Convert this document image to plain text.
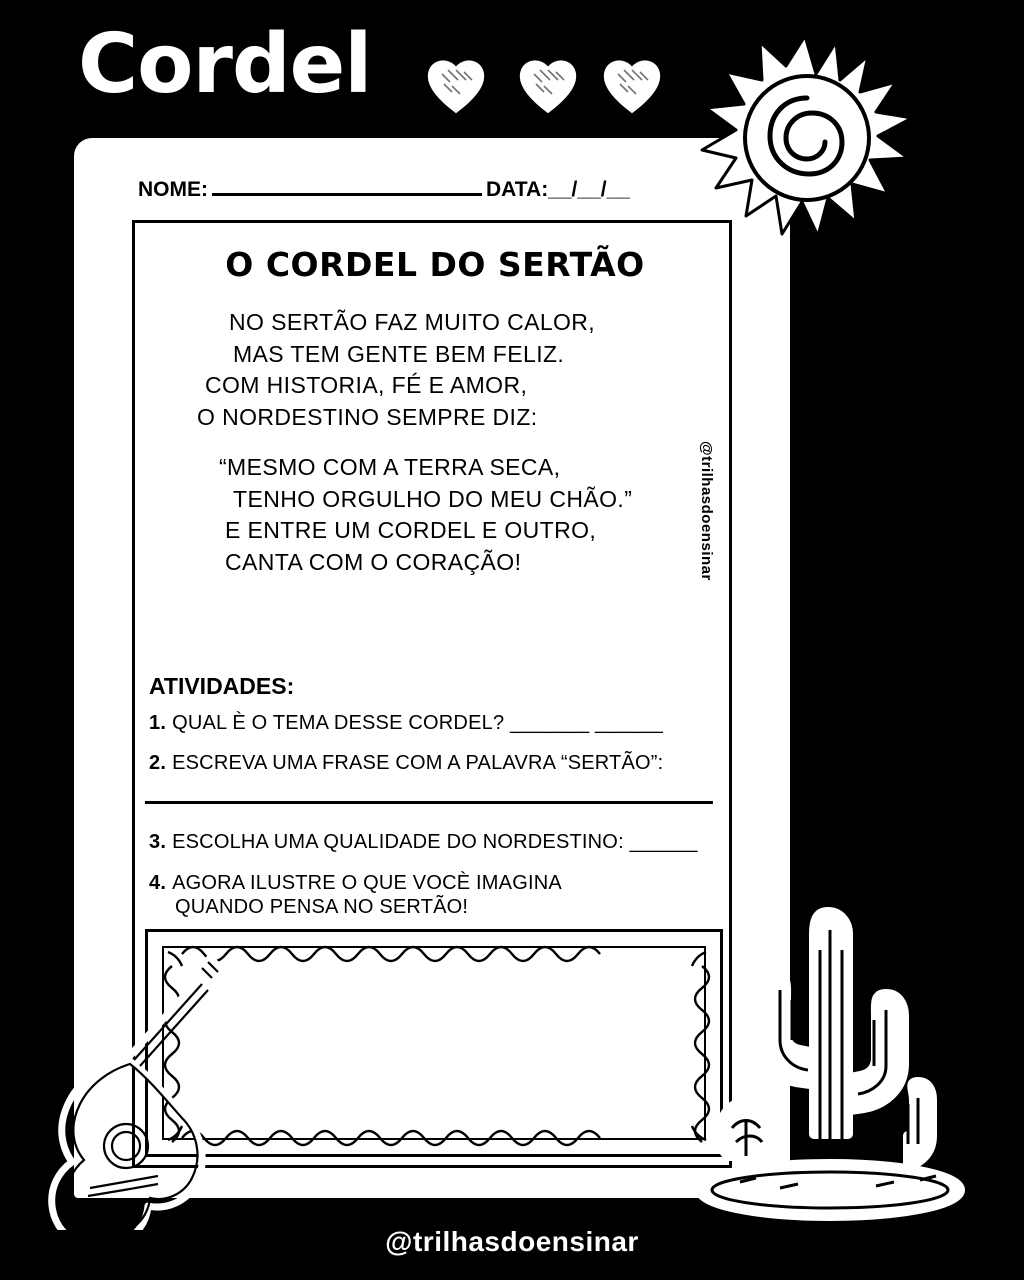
Cordel
NOME:	DATA: __/__/__
O CORDEL DO SERTÃO
NO SERTÃO FAZ MUITO CALOR,
MAS TEM GENTE BEM FELIZ.
COM HISTORIA, FÉ E AMOR,
O NORDESTINO SEMPRE DIZ:
“MESMO COM A TERRA SECA,
TENHO ORGULHO DO MEU CHÃO.”
E ENTRE UM CORDEL E OUTRO,
CANTA COM O CORAÇÃO!	@trilhasdoensinar
ATIVIDADES:
1. QUAL È O TEMA DESSE CORDEL? _______ ______
2. ESCREVA UMA FRASE COM A PALAVRA “SERTÃO”:
3. ESCOLHA UMA QUALIDADE DO NORDESTINO: ______
4. AGORA ILUSTRE O QUE VOCÈ IMAGINA
QUANDO PENSA NO SERTÃO!
@trilhasdoensinar
